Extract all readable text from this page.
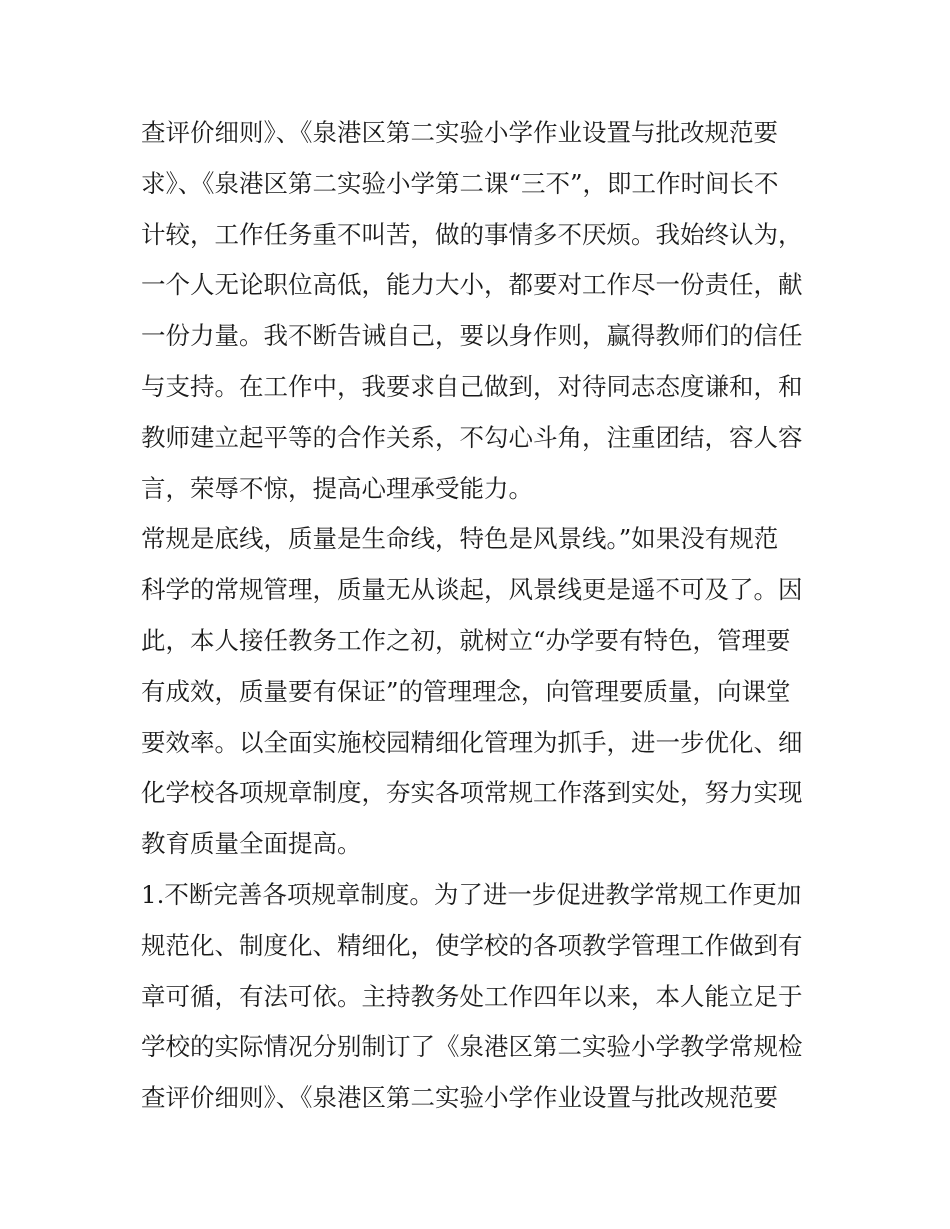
查评价细则》、《泉港区第二实验小学作业设置与批改规范要
求》、《泉港区第二实验小学第二课“三不”，即工作时间长不
计较，工作任务重不叫苦，做的事情多不厌烦。我始终认为，
一个人无论职位高低，能力大小，都要对工作尽一份责任，献
一份力量。我不断告诫自己，要以身作则，赢得教师们的信任
与支持。在工作中，我要求自己做到，对待同志态度谦和，和
教师建立起平等的合作关系，不勾心斗角，注重团结，容人容
言，荣辱不惊，提高心理承受能力。
常规是底线，质量是生命线，特色是风景线。”如果没有规范
科学的常规管理，质量无从谈起，风景线更是遥不可及了。因
此，本人接任教务工作之初，就树立“办学要有特色，管理要
有成效，质量要有保证”的管理理念，向管理要质量，向课堂
要效率。以全面实施校园精细化管理为抓手，进一步优化、细
化学校各项规章制度，夯实各项常规工作落到实处，努力实现
教育质量全面提高。
1.不断完善各项规章制度。为了进一步促进教学常规工作更加
规范化、制度化、精细化，使学校的各项教学管理工作做到有
章可循，有法可依。主持教务处工作四年以来，本人能立足于
学校的实际情况分别制订了《泉港区第二实验小学教学常规检
查评价细则》、《泉港区第二实验小学作业设置与批改规范要
